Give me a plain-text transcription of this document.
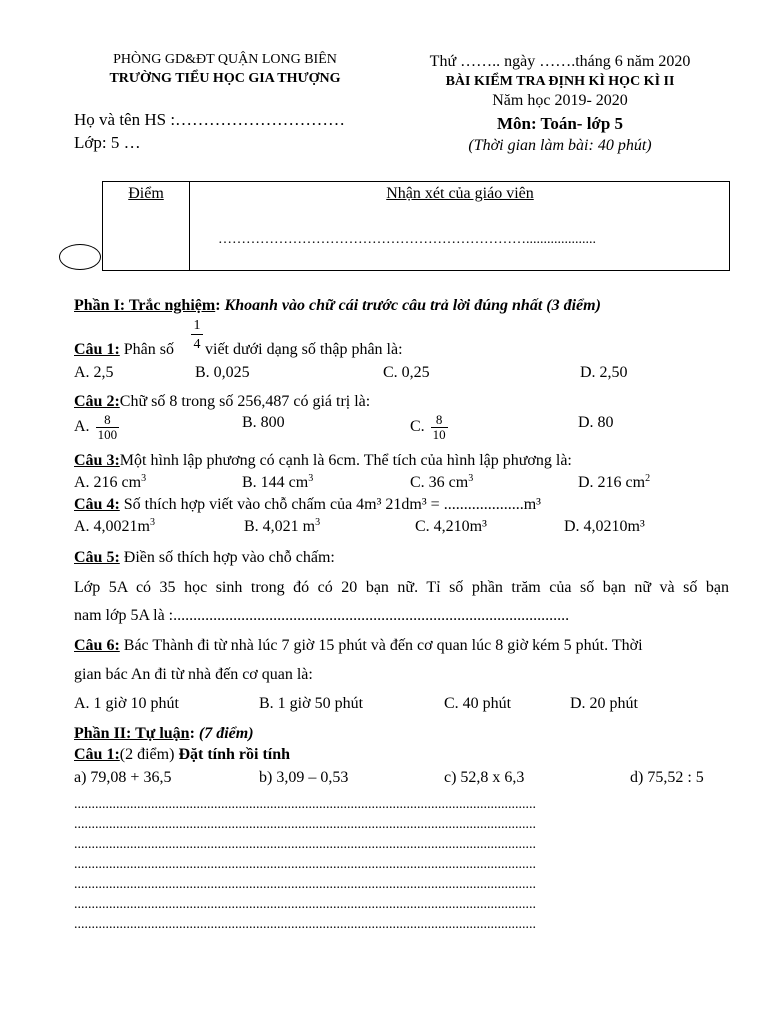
PHÒNG GD&ĐT QUẬN LONG BIÊN
TRƯỜNG TIỂU HỌC GIA THƯỢNG
Thứ …….. ngày …….tháng 6 năm 2020
BÀI KIỂM TRA ĐỊNH KÌ HỌC KÌ II
Năm học 2019- 2020
Môn: Toán- lớp 5
(Thời gian làm bài: 40 phút)
Họ và tên HS :…………………………
Lớp: 5 …
Điểm	Nhận xét của giáo viên
…………………………………………………………....................
Phần I: Trắc nghiệm: Khoanh vào chữ cái trước câu trả lời đúng nhất (3 điểm)
Câu 1: Phân số
1
4 viết dưới dạng số thập phân là:
A. 2,5	B. 0,025	C. 0,25	D. 2,50
Câu 2:Chữ số 8 trong số 256,487 có giá trị là:
A. $\frac{8}{100}$	B. 800	C. $\frac{8}{10}$	D. 80
Câu 3:Một hình lập phương có cạnh là 6cm. Thể tích của hình lập phương là:
A. 216 $cm^3$	B. 144 $cm^3$	C. 36 $cm^3$	D. 216 $cm^2$
Câu 4: Số thích hợp viết vào chỗ chấm của 4m³ 21dm³ = ....................m³
A. $4,0021m^3$	B. 4,021 $m^3$	C. 4,210m³	D. 4,0210m³
Câu 5: Điền số thích hợp vào chỗ chấm:
Lớp 5A có 35 học sinh trong đó có 20 bạn nữ. Tỉ số phần trăm của số bạn nữ và số bạn
nam lớp 5A là :...................................................................................................
Câu 6: Bác Thành đi từ nhà lúc 7 giờ 15 phút và đến cơ quan lúc 8 giờ kém 5 phút. Thời
gian bác An đi từ nhà đến cơ quan là:
A. 1 giờ 10 phút	B. 1 giờ 50 phút	C. 40 phút	D. 20 phút
Phần II: Tự luận: (7 điểm)
Câu 1:(2 điểm) Đặt tính rồi tính
a) 79,08 + 36,5	b) 3,09 – 0,53	c) 52,8 x 6,3	d) 75,52 : 5
....................................................................................................................................
....................................................................................................................................
....................................................................................................................................
....................................................................................................................................
....................................................................................................................................
....................................................................................................................................
....................................................................................................................................
